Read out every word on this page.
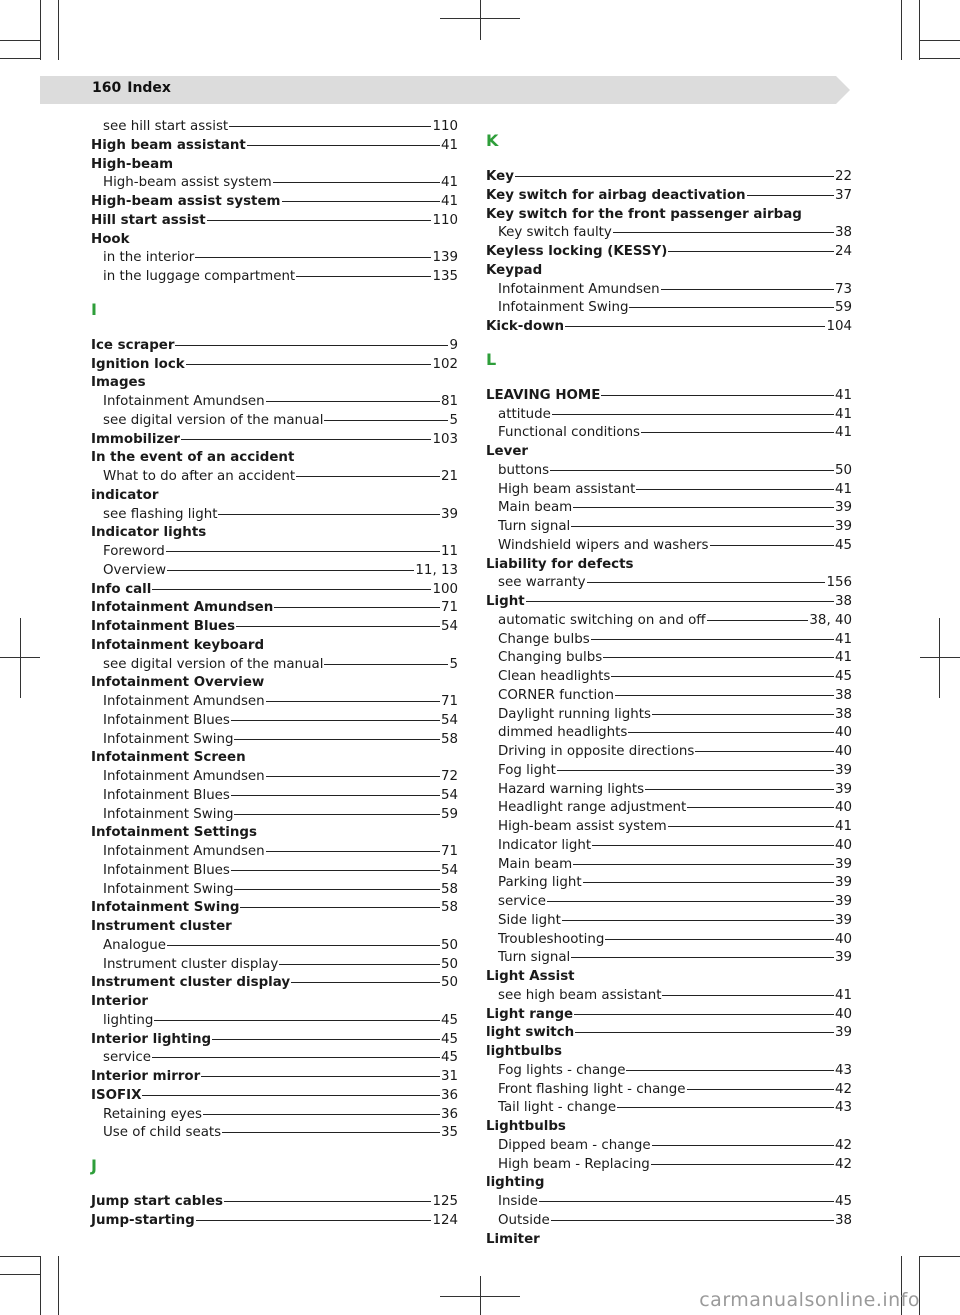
160 Index
see hill start assist	110
High beam assistant	41
High-beam
High-beam assist system	41
High-beam assist system	41
Hill start assist	110
Hook
in the interior	139
in the luggage compartment	135
I
Ice scraper	9
Ignition lock	102
Images
Infotainment Amundsen	81
see digital version of the manual	5
Immobilizer	103
In the event of an accident
What to do after an accident	21
indicator
see flashing light	39
Indicator lights
Foreword	11
Overview	11, 13
Info call	100
Infotainment Amundsen	71
Infotainment Blues	54
Infotainment keyboard
see digital version of the manual	5
Infotainment Overview
Infotainment Amundsen	71
Infotainment Blues	54
Infotainment Swing	58
Infotainment Screen
Infotainment Amundsen	72
Infotainment Blues	54
Infotainment Swing	59
Infotainment Settings
Infotainment Amundsen	71
Infotainment Blues	54
Infotainment Swing	58
Infotainment Swing	58
Instrument cluster
Analogue	50
Instrument cluster display	50
Instrument cluster display	50
Interior
lighting	45
Interior lighting	45
service	45
Interior mirror	31
ISOFIX	36
Retaining eyes	36
Use of child seats	35
J
Jump start cables	125
Jump-starting	124
K
Key	22
Key switch for airbag deactivation	37
Key switch for the front passenger airbag
Key switch faulty	38
Keyless locking (KESSY)	24
Keypad
Infotainment Amundsen	73
Infotainment Swing	59
Kick-down	104
L
LEAVING HOME	41
attitude	41
Functional conditions	41
Lever
buttons	50
High beam assistant	41
Main beam	39
Turn signal	39
Windshield wipers and washers	45
Liability for defects
see warranty	156
Light	38
automatic switching on and off	38, 40
Change bulbs	41
Changing bulbs	41
Clean headlights	45
CORNER function	38
Daylight running lights	38
dimmed headlights	40
Driving in opposite directions	40
Fog light	39
Hazard warning lights	39
Headlight range adjustment	40
High-beam assist system	41
Indicator light	40
Main beam	39
Parking light	39
service	39
Side light	39
Troubleshooting	40
Turn signal	39
Light Assist
see high beam assistant	41
Light range	40
light switch	39
lightbulbs
Fog lights - change	43
Front flashing light - change	42
Tail light - change	43
Lightbulbs
Dipped beam - change	42
High beam - Replacing	42
lighting
Inside	45
Outside	38
Limiter
carmanualsonline.info
